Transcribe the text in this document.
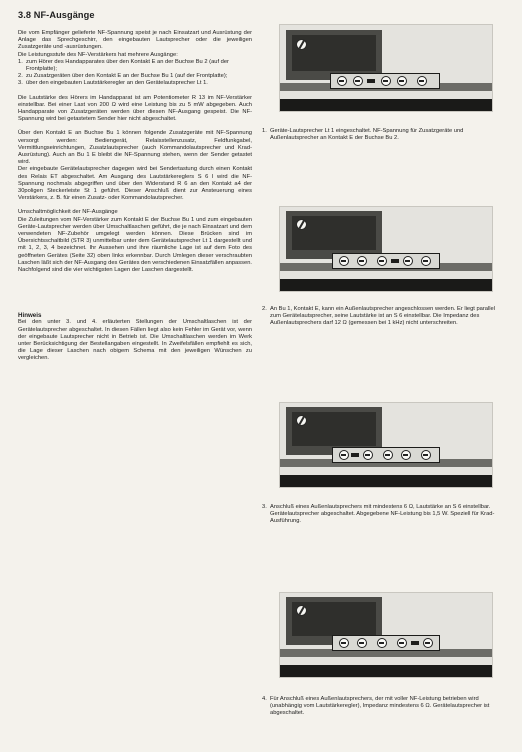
3.8 NF-Ausgänge

Die vom Empfänger gelieferte NF-Spannung speist je nach Einsatzart und Ausrüstung der Anlage das Sprechgeschirr, den eingebauten Lautsprecher oder die jeweiligen Zusatzgeräte und -ausrüstungen.

Die Leistungsstufe des NF-Verstärkers hat mehrere Ausgänge:

1. zum Hörer des Handapparates über den Kontakt E an der Buchse Bu 2 (auf der Frontplatte);
2. zu Zusatzgeräten über den Kontakt E an der Buchse Bu 1 (auf der Frontplatte);
3. über den eingebauten Lautstärkeregler an den Gerätelautsprecher Lt 1.

Die Lautstärke des Hörers im Handapparat ist am Potentiometer R 13 im NF-Verstärker einstellbar. Bei einer Last von 200 Ω wird eine Leistung bis zu 5 mW abgegeben. Auch Handapparate von Zusatzgeräten werden über diesen NF-Ausgang gespeist. Die NF-Spannung wird bei getastetem Sender hier nicht abgeschaltet.

Über den Kontakt E an Buchse Bu 1 können folgende Zusatzgeräte mit NF-Spannung versorgt werden: Bediengerät, Relaisstellenzusatz, Feldfunkgabel, Vermittlungseinrichtungen, Zusatzlautsprecher (auch Kommandolautsprecher und Krad-Ausrüstung). Auch an Bu 1 E bleibt die NF-Spannung stehen, wenn der Sender getastet wird.

Der eingebaute Gerätelautsprecher dagegen wird bei Sendertastung durch einen Kontakt des Relais ET abgeschaltet. Am Ausgang des Lautstärkereglers S 6 I wird die NF-Spannung nochmals abgegriffen und über den Widerstand R 6 an den Kontakt a4 der 30poligen Steckerleiste St 1 geführt. Dieser Anschluß dient zur Ansteuerung eines Verstärkers, z. B. für einen Zusatz- oder Kommandolautsprecher.

Umschaltmöglichkeit der NF-Ausgänge

Die Zuleitungen vom NF-Verstärker zum Kontakt E der Buchse Bu 1 und zum eingebauten Geräte-Lautsprecher werden über Umschaltlaschen geführt, die je nach Einsatzart und dem verwendeten NF-Zubehör umgelegt werden können. Diese Brücken sind im Übersichtsschaltbild (STR 3) unmittelbar unter dem Gerätelautsprecher Lt 1 dargestellt und mit 1, 2, 3, 4 bezeichnet. Ihr Aussehen und ihre räumliche Lage ist auf dem Foto des geöffneten Gerätes (Seite 32) oben links erkennbar. Durch Umlegen dieser verschraubten Laschen läßt sich der NF-Ausgang des Gerätes den verschiedenen Einsatzfällen anpassen. Nachfolgend sind die vier wichtigsten Lagen der Laschen dargestellt.

Hinweis

Bei den unter 3. und 4. erläuterten Stellungen der Umschaltlaschen ist der Gerätelautsprecher abgeschaltet. In diesen Fällen liegt also kein Fehler im Gerät vor, wenn der eingebaute Lautsprecher nicht in Betrieb ist. Die Umschaltlaschen werden im Werk unter Berücksichtigung der Bestellangaben eingestellt. In Zweifelsfällen empfiehlt es sich, die Lage dieser Laschen nach obigem Schema mit den jeweiligen Wünschen zu vergleichen.

1. Geräte-Lautsprecher Lt 1 eingeschaltet. NF-Spannung für Zusatzgeräte und Außenlautsprecher an Kontakt E der Buchse Bu 2.
2. An Bu 1, Kontakt E, kann ein Außenlautsprecher angeschlossen werden. Er liegt parallel zum Gerätelautsprecher, seine Lautstärke ist an S 6 einstellbar. Die Impedanz des Außenlautsprechers darf 12 Ω (gemessen bei 1 kHz) nicht unterschreiten.
3. Anschluß eines Außenlautsprechers mit mindestens 6 Ω, Lautstärke an S 6 einstellbar. Gerätelautsprecher abgeschaltet. Abgegebene NF-Leistung bis 1,5 W. Speziell für Krad-Ausführung.
4. Für Anschluß eines Außenlautsprechers, der mit voller NF-Leistung betrieben wird (unabhängig vom Lautstärkeregler), Impedanz mindestens 6 Ω. Gerätelautsprecher ist abgeschaltet.
